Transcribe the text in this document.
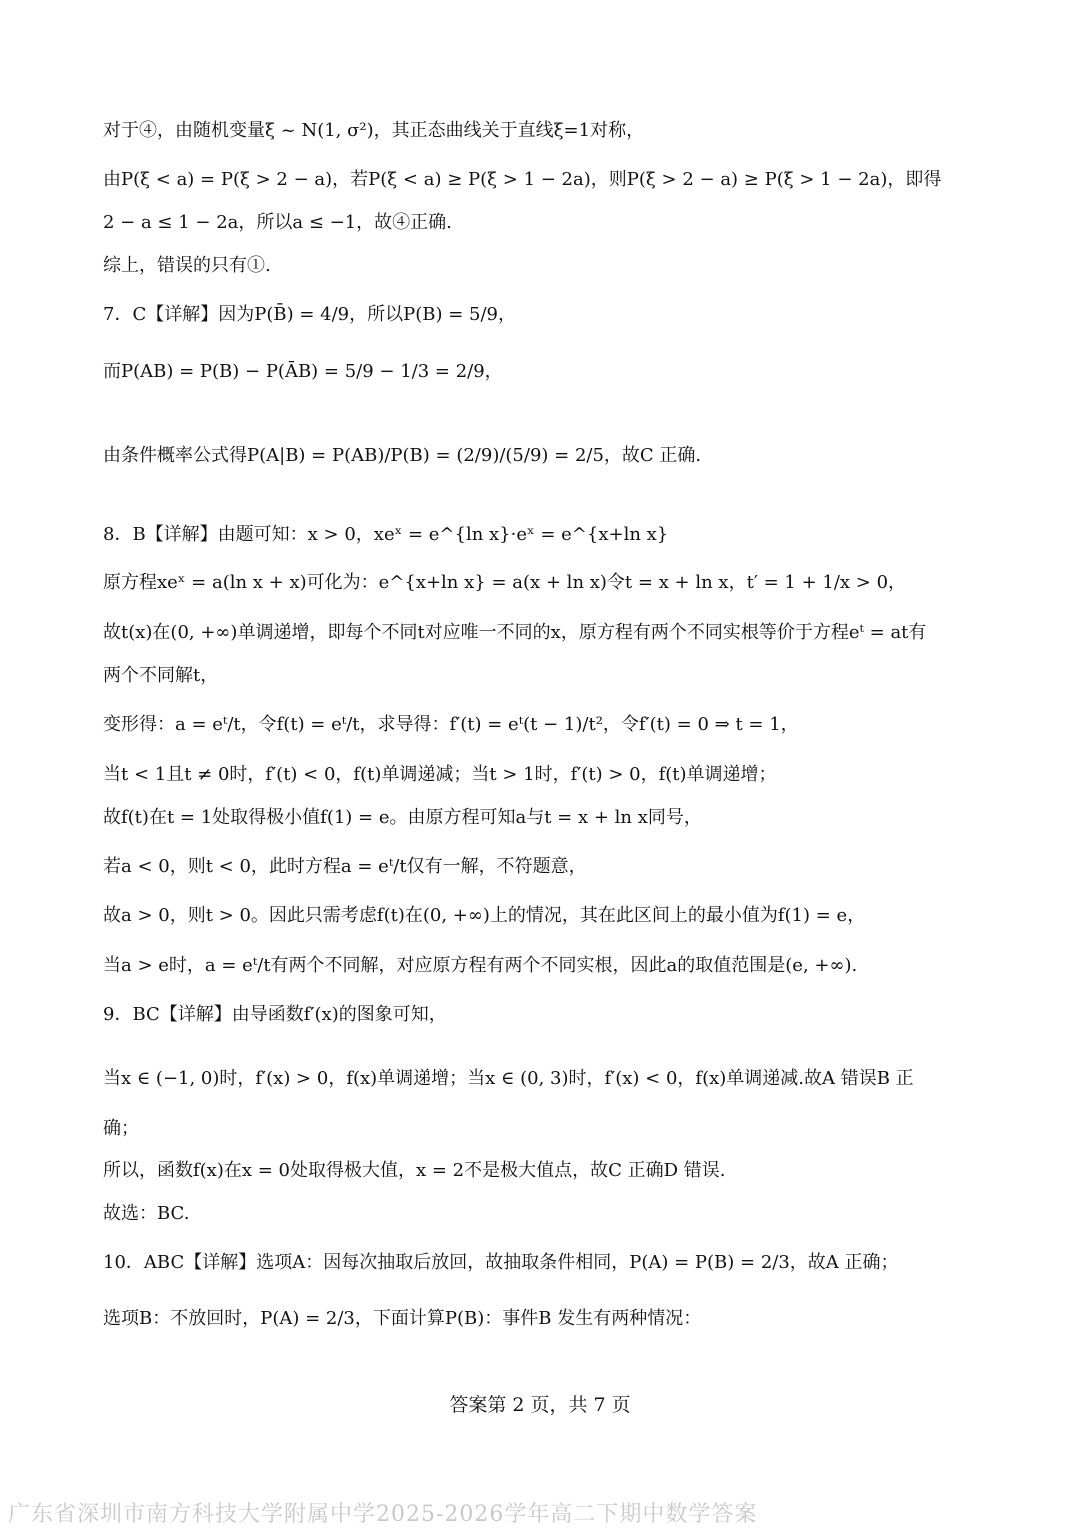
对于④，由随机变量ξ ~ N(1, σ²)，其正态曲线关于直线ξ=1对称，
由P(ξ < a) = P(ξ > 2 − a)，若P(ξ < a) ≥ P(ξ > 1 − 2a)，则P(ξ > 2 − a) ≥ P(ξ > 1 − 2a)，即得
2 − a ≤ 1 − 2a，所以a ≤ −1，故④正确.
综上，错误的只有①.
7．C【详解】因为P(B̄) = 4/9，所以P(B) = 5/9，
而P(AB) = P(B) − P(ĀB) = 5/9 − 1/3 = 2/9，
由条件概率公式得P(A|B) = P(AB)/P(B) = (2/9)/(5/9) = 2/5，故C 正确.
8．B【详解】由题可知：x > 0，xeˣ = e^{ln x}·eˣ = e^{x+ln x}
原方程xeˣ = a(ln x + x)可化为：e^{x+ln x} = a(x + ln x)令t = x + ln x，t′ = 1 + 1/x > 0，
故t(x)在(0, +∞)单调递增，即每个不同t对应唯一不同的x，原方程有两个不同实根等价于方程eᵗ = at有
两个不同解t，
变形得：a = eᵗ/t，令f(t) = eᵗ/t，求导得：f′(t) = eᵗ(t − 1)/t²，令f′(t) = 0 ⇒ t = 1，
当t < 1且t ≠ 0时，f′(t) < 0，f(t)单调递减；当t > 1时，f′(t) > 0，f(t)单调递增；
故f(t)在t = 1处取得极小值f(1) = e。由原方程可知a与t = x + ln x同号，
若a < 0，则t < 0，此时方程a = eᵗ/t仅有一解，不符题意，
故a > 0，则t > 0。因此只需考虑f(t)在(0, +∞)上的情况，其在此区间上的最小值为f(1) = e，
当a > e时，a = eᵗ/t有两个不同解，对应原方程有两个不同实根，因此a的取值范围是(e, +∞).
9．BC【详解】由导函数f′(x)的图象可知，
当x ∈ (−1, 0)时，f′(x) > 0，f(x)单调递增；当x ∈ (0, 3)时，f′(x) < 0，f(x)单调递减.故A 错误B 正
确；
所以，函数f(x)在x = 0处取得极大值，x = 2不是极大值点，故C 正确D 错误.
故选：BC.
10．ABC【详解】选项A：因每次抽取后放回，故抽取条件相同，P(A) = P(B) = 2/3，故A 正确；
选项B：不放回时，P(A) = 2/3，下面计算P(B)：事件B 发生有两种情况：
答案第 2 页，共 7 页
广东省深圳市南方科技大学附属中学2025-2026学年高二下期中数学答案
